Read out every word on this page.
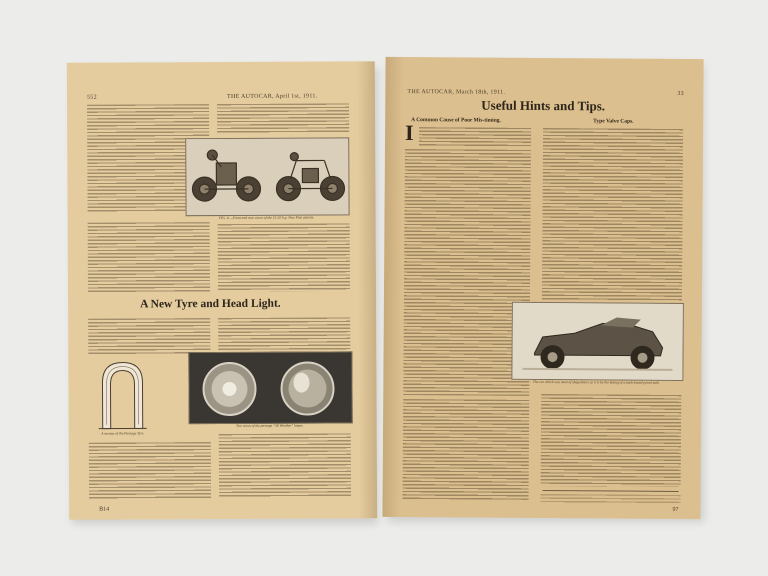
552	THE AUTOCAR, April 1st, 1911.
FIG. 6.—Front and rear views of the 15-20 h.p. New Pick chassis.
A New Tyre and Head Light.
A section of the Passage Tyre.
Two views of the passage "All Weather" lamps.
B14
THE AUTOCAR, March 18th, 1911.	33
Useful Hints and Tips.
A Common Cause of Poor Mis-timing.	Type Valve Caps.
I
The car which was most of shapeliness as it is by the letting of a back-based petrol tank.
97
